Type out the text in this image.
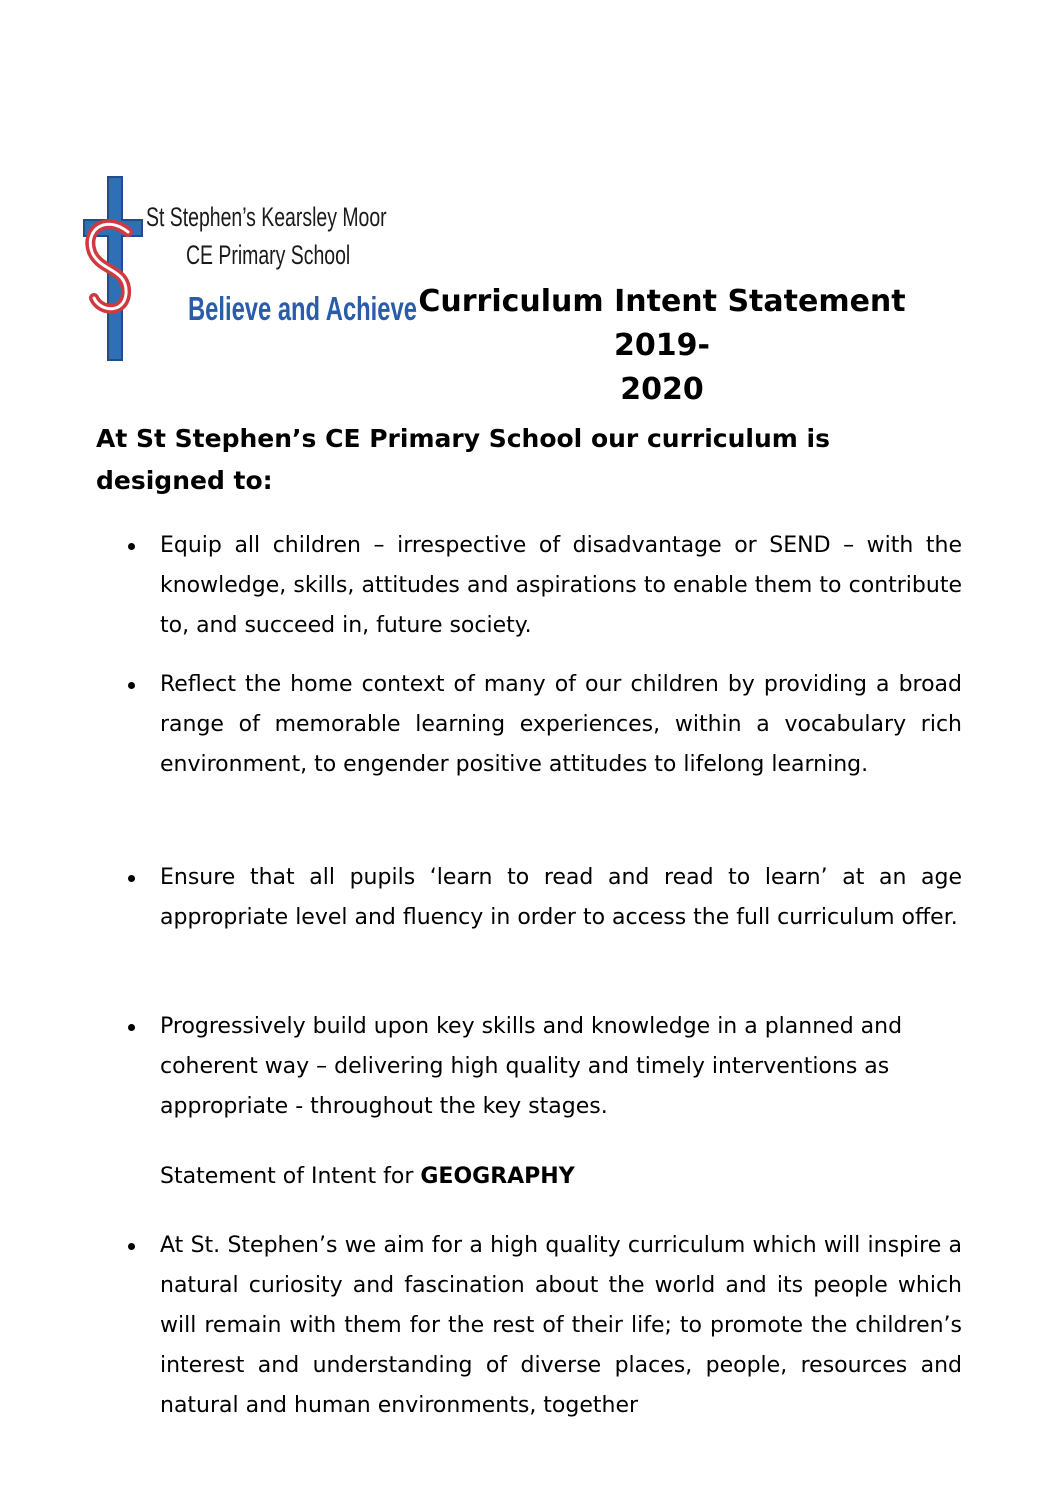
St Stephen’s Kearsley Moor
CE Primary School
Believe and Achieve Curriculum Intent Statement 2019-
2020

At St Stephen’s CE Primary School our curriculum is designed to:

Equip all children – irrespective of disadvantage or SEND – with the knowledge, skills, attitudes and aspirations to enable them to contribute to, and succeed in, future society.
Reflect the home context of many of our children by providing a broad range of memorable learning experiences, within a vocabulary rich environment, to engender positive attitudes to lifelong learning.
Ensure that all pupils ‘learn to read and read to learn’ at an age appropriate level and fluency in order to access the full curriculum offer.
Progressively build upon key skills and knowledge in a planned and coherent way – delivering high quality and timely interventions as appropriate - throughout the key stages.

Statement of Intent for GEOGRAPHY

At St. Stephen’s we aim for a high quality curriculum which will inspire a natural curiosity and fascination about the world and its people which will remain with them for the rest of their life; to promote the children’s interest and understanding of diverse places, people, resources and natural and human environments, together
